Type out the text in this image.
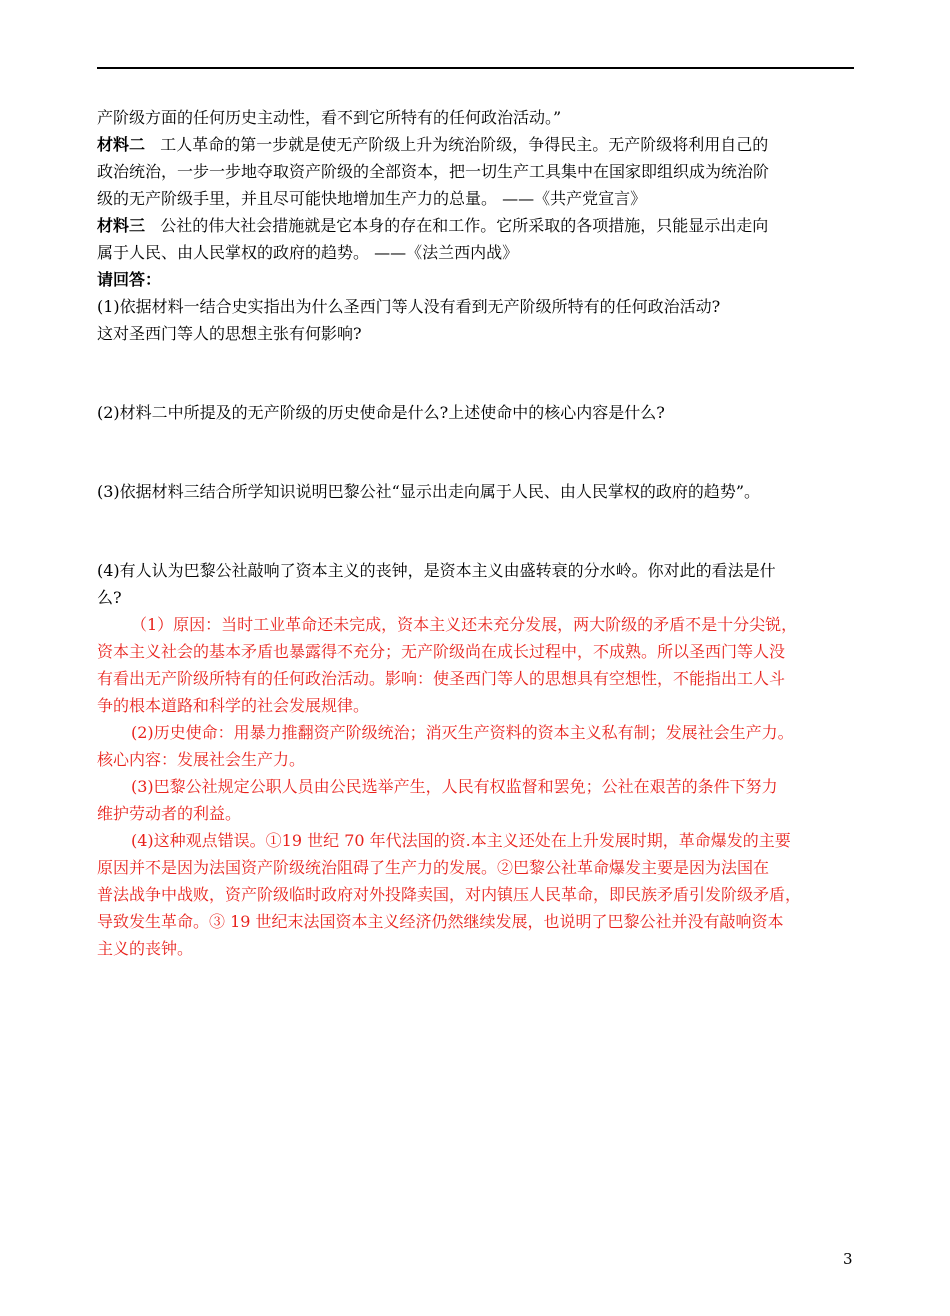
产阶级方面的任何历史主动性，看不到它所特有的任何政治活动。”
材料二 工人革命的第一步就是使无产阶级上升为统治阶级，争得民主。无产阶级将利用自己的
政治统治，一步一步地夺取资产阶级的全部资本，把一切生产工具集中在国家即组织成为统治阶
级的无产阶级手里，并且尽可能快地增加生产力的总量。 ——《共产党宣言》
材料三 公社的伟大社会措施就是它本身的存在和工作。它所采取的各项措施，只能显示出走向
属于人民、由人民掌权的政府的趋势。 ——《法兰西内战》
请回答：
(1)依据材料一结合史实指出为什么圣西门等人没有看到无产阶级所特有的任何政治活动?
这对圣西门等人的思想主张有何影响?
(2)材料二中所提及的无产阶级的历史使命是什么?上述使命中的核心内容是什么?
(3)依据材料三结合所学知识说明巴黎公社“显示出走向属于人民、由人民掌权的政府的趋势”。
(4)有人认为巴黎公社敲响了资本主义的丧钟，是资本主义由盛转衰的分水岭。你对此的看法是什
么?
（1）原因：当时工业革命还未完成，资本主义还未充分发展，两大阶级的矛盾不是十分尖锐，
资本主义社会的基本矛盾也暴露得不充分；无产阶级尚在成长过程中，不成熟。所以圣西门等人没
有看出无产阶级所特有的任何政治活动。影响：使圣西门等人的思想具有空想性，不能指出工人斗
争的根本道路和科学的社会发展规律。
(2)历史使命：用暴力推翻资产阶级统治；消灭生产资料的资本主义私有制；发展社会生产力。
核心内容：发展社会生产力。
(3)巴黎公社规定公职人员由公民选举产生，人民有权监督和罢免；公社在艰苦的条件下努力
维护劳动者的利益。
(4)这种观点错误。①19 世纪 70 年代法国的资.本主义还处在上升发展时期，革命爆发的主要
原因并不是因为法国资产阶级统治阻碍了生产力的发展。②巴黎公社革命爆发主要是因为法国在
普法战争中战败，资产阶级临时政府对外投降卖国，对内镇压人民革命，即民族矛盾引发阶级矛盾，
导致发生革命。③ 19 世纪末法国资本主义经济仍然继续发展，也说明了巴黎公社并没有敲响资本
主义的丧钟。
3
